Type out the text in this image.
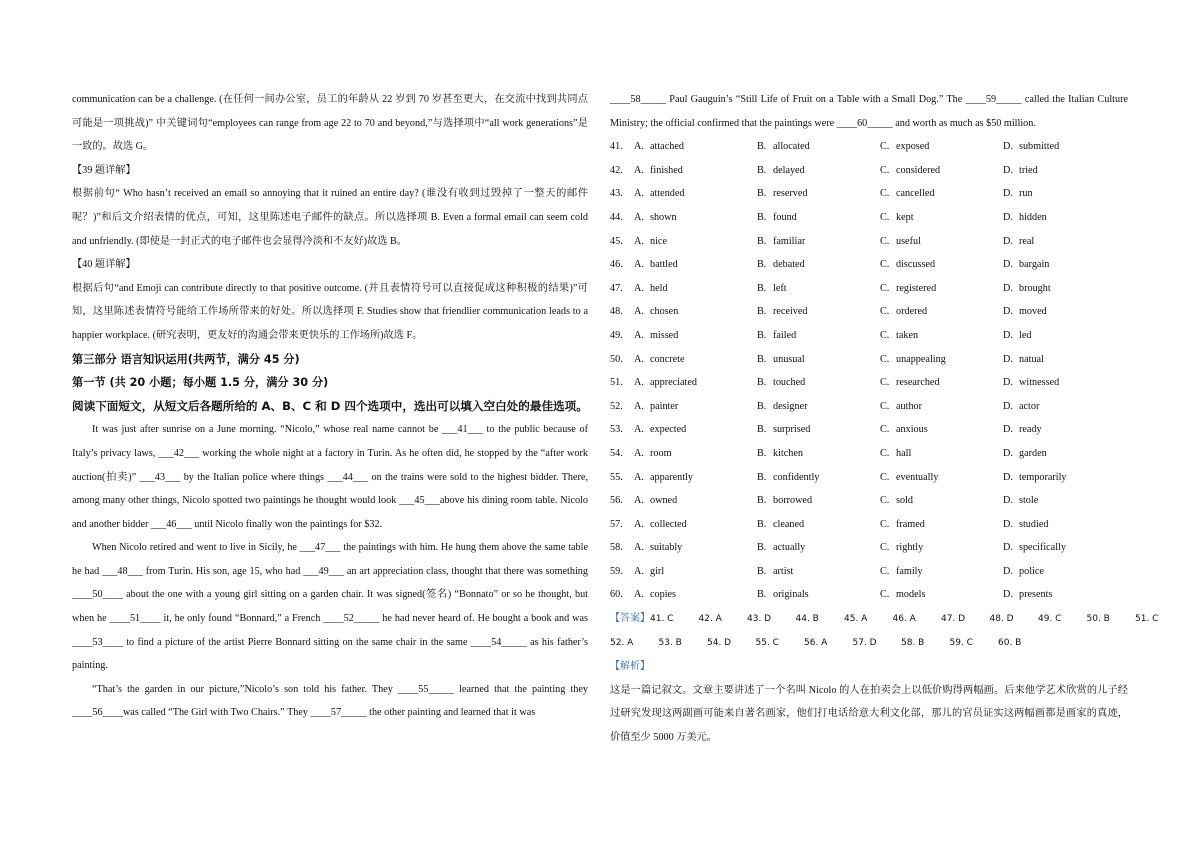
communication can be a challenge. (在任何一间办公室，员工的年龄从 22 岁到 70 岁甚至更大，在交流中找到共同点可能是一项挑战)” 中关键词句“employees can range from age 22 to 70 and beyond,”与选择项中“all work generations”是一致的。故选 G。

【39 题详解】

根据前句“ Who hasn’t received an email so annoying that it ruined an entire day? (谁没有收到过毁掉了一整天的邮件呢？)”和后文介绍表情的优点，可知，这里陈述电子邮件的缺点。所以选择项 B. Even a formal email can seem cold and unfriendly. (即使是一封正式的电子邮件也会显得冷淡和不友好)故选 B。

【40 题详解】

根据后句“and Emoji can contribute directly to that positive outcome. (并且表情符号可以直接促成这种积极的结果)”可知，这里陈述表情符号能给工作场所带来的好处。所以选择项 F. Studies show that friendlier communication leads to a happier workplace. (研究表明，更友好的沟通会带来更快乐的工作场所)故选 F。

第三部分 语言知识运用(共两节，满分 45 分)
第一节 (共 20 小题；每小题 1.5 分，满分 30 分)
阅读下面短文，从短文后各题所给的 A、B、C 和 D 四个选项中，选出可以填入空白处的最佳选项。

It was just after sunrise on a June morning. “Nicolo,” whose real name cannot be ___41___ to the public because of Italy’s privacy laws, ___42___ working the whole night at a factory in Turin. As he often did, he stopped by the “after work auction(拍卖)” ___43___ by the Italian police where things ___44___ on the trains were sold to the highest bidder. There, among many other things, Nicolo spotted two paintings he thought would look ___45___above his dining room table. Nicolo and another bidder ___46___ until Nicolo finally won the paintings for $32.

When Nicolo retired and went to live in Sicily, he ___47___ the paintings with him. He hung them above the same table he had ___48___ from Turin. His son, age 15, who had ___49___ an art appreciation class, thought that there was something ____50____ about the one with a young girl sitting on a garden chair. It was signed(签名) “Bonnato” or so he thought, but when he ____51____ it, he only found “Bonnard,” a French ____52_____ he had never heard of. He bought a book and was ____53____ to find a picture of the artist Pierre Bonnard sitting on the same chair in the same ____54_____ as his father’s painting.

“That’s the garden in our picture,”Nicolo’s son told his father. They ____55_____ learned that the painting they ____56____was called “The Girl with Two Chairs.” They ____57_____ the other painting and learned that it was

____58_____ Paul Gauguin’s “Still Life of Fruit on a Table with a Small Dog.” The ____59_____ called the Italian Culture Ministry; the official confirmed that the paintings were ____60_____ and worth as much as $50 million.

41.	A. attached	B. allocated	C. exposed	D. submitted
42.	A. finished	B. delayed	C. considered	D. tried
43.	A. attended	B. reserved	C. cancelled	D. run
44.	A. shown	B. found	C. kept	D. hidden
45.	A. nice	B. familiar	C. useful	D. real
46.	A. battled	B. debated	C. discussed	D. bargain
47.	A. held	B. left	C. registered	D. brought
48.	A. chosen	B. received	C. ordered	D. moved
49.	A. missed	B. failed	C. taken	D. led
50.	A. concrete	B. unusual	C. unappealing	D. natual
51.	A. appreciated	B. touched	C. researched	D. witnessed
52.	A. painter	B. designer	C. author	D. actor
53.	A. expected	B. surprised	C. anxious	D. ready
54.	A. room	B. kitchen	C. hall	D. garden
55.	A. apparently	B. confidently	C. eventually	D. temporarily
56.	A. owned	B. borrowed	C. sold	D. stole
57.	A. collected	B. cleaned	C. framed	D. studied
58.	A. suitably	B. actually	C. rightly	D. specifically
59.	A. girl	B. artist	C. family	D. police
60.	A. copies	B. originals	C. models	D. presents
【答案】41. C	42. A	43. D	44. B	45. A	46. A	47. D	48. D	49. C	50. B	51. C
52. A	53. B	54. D	55. C	56. A	57. D	58. B	59. C	60. B
【解析】

这是一篇记叙文。文章主要讲述了一个名叫 Nicolo 的人在拍卖会上以低价购得两幅画。后来他学艺术欣赏的儿子经过研究发现这两副画可能来自著名画家，他们打电话给意大利文化部，那儿的官员证实这两幅画都是画家的真迹，价值至少 5000 万美元。
